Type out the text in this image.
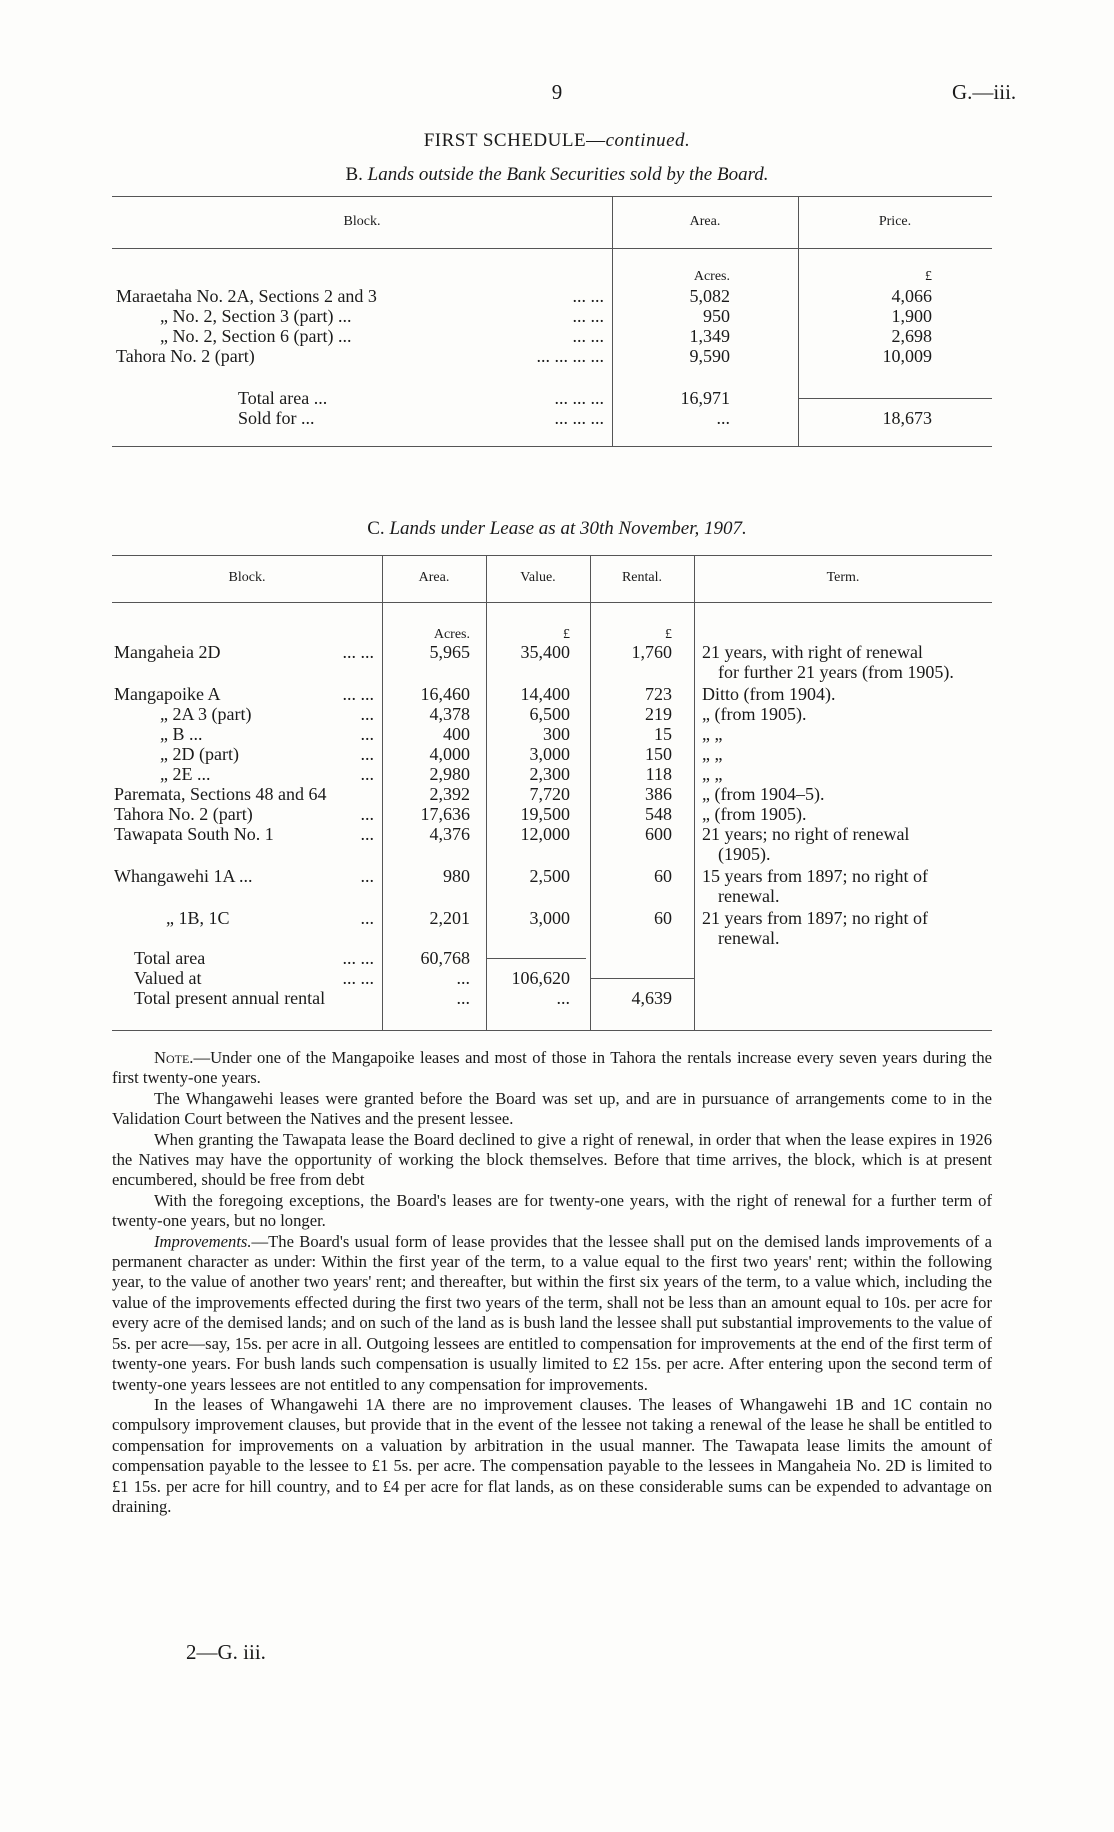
9	G.—iii.
FIRST SCHEDULE—continued.
B. Lands outside the Bank Securities sold by the Board.
Block.	Area.	Price.
Acres.	£
Maraetaha No. 2A, Sections 2 and 3	... ...	5,082	4,066
„ No. 2, Section 3 (part) ...	... ...	950	1,900
„ No. 2, Section 6 (part) ...	... ...	1,349	2,698
Tahora No. 2 (part)	... ... ... ...	9,590	10,009
Total area ...	... ... ...	16,971
Sold for ...	... ... ...	...	18,673
C. Lands under Lease as at 30th November, 1907.
Block.	Area.	Value.	Rental.	Term.
Acres.	£	£
Mangaheia 2D	... ...	5,965	35,400	1,760 21 years, with right of renewal
for further 21 years (from 1905).
Mangapoike A	... ...	16,460	14,400	723 Ditto (from 1904).
„ 2A 3 (part)	...	4,378	6,500	219 „ (from 1905).
„ B ...	...	400	300	15 „ „
„ 2D (part)	...	4,000	3,000	150 „ „
„ 2E ...	...	2,980	2,300	118 „ „
Paremata, Sections 48 and 64	2,392	7,720	386 „ (from 1904–5).
Tahora No. 2 (part)	...	17,636	19,500	548 „ (from 1905).
Tawapata South No. 1	...	4,376	12,000	600 21 years; no right of renewal
(1905).
Whangawehi 1A ...	...	980	2,500	60 15 years from 1897; no right of
renewal.
„ 1B, 1C	...	2,201	3,000	60 21 years from 1897; no right of
renewal.
Total area	... ...	60,768
Valued at	... ...	...	106,620
Total present annual rental	...	...	4,639

Note.—Under one of the Mangapoike leases and most of those in Tahora the rentals increase every seven years during the first twenty-one years.

The Whangawehi leases were granted before the Board was set up, and are in pursuance of arrangements come to in the Validation Court between the Natives and the present lessee.

When granting the Tawapata lease the Board declined to give a right of renewal, in order that when the lease expires in 1926 the Natives may have the opportunity of working the block themselves. Before that time arrives, the block, which is at present encumbered, should be free from debt

With the foregoing exceptions, the Board's leases are for twenty-one years, with the right of renewal for a further term of twenty-one years, but no longer.

Improvements.—The Board's usual form of lease provides that the lessee shall put on the demised lands improvements of a permanent character as under: Within the first year of the term, to a value equal to the first two years' rent; within the following year, to the value of another two years' rent; and thereafter, but within the first six years of the term, to a value which, including the value of the improvements effected during the first two years of the term, shall not be less than an amount equal to 10s. per acre for every acre of the demised lands; and on such of the land as is bush land the lessee shall put substantial improvements to the value of 5s. per acre—say, 15s. per acre in all. Outgoing lessees are entitled to compensation for improvements at the end of the first term of twenty-one years. For bush lands such compensation is usually limited to £2 15s. per acre. After entering upon the second term of twenty-one years lessees are not entitled to any compensation for improvements.

In the leases of Whangawehi 1A there are no improvement clauses. The leases of Whangawehi 1B and 1C contain no compulsory improvement clauses, but provide that in the event of the lessee not taking a renewal of the lease he shall be entitled to compensation for improvements on a valuation by arbitration in the usual manner. The Tawapata lease limits the amount of compensation payable to the lessee to £1 5s. per acre. The compensation payable to the lessees in Mangaheia No. 2D is limited to £1 15s. per acre for hill country, and to £4 per acre for flat lands, as on these considerable sums can be expended to advantage on draining.

2—G. iii.
